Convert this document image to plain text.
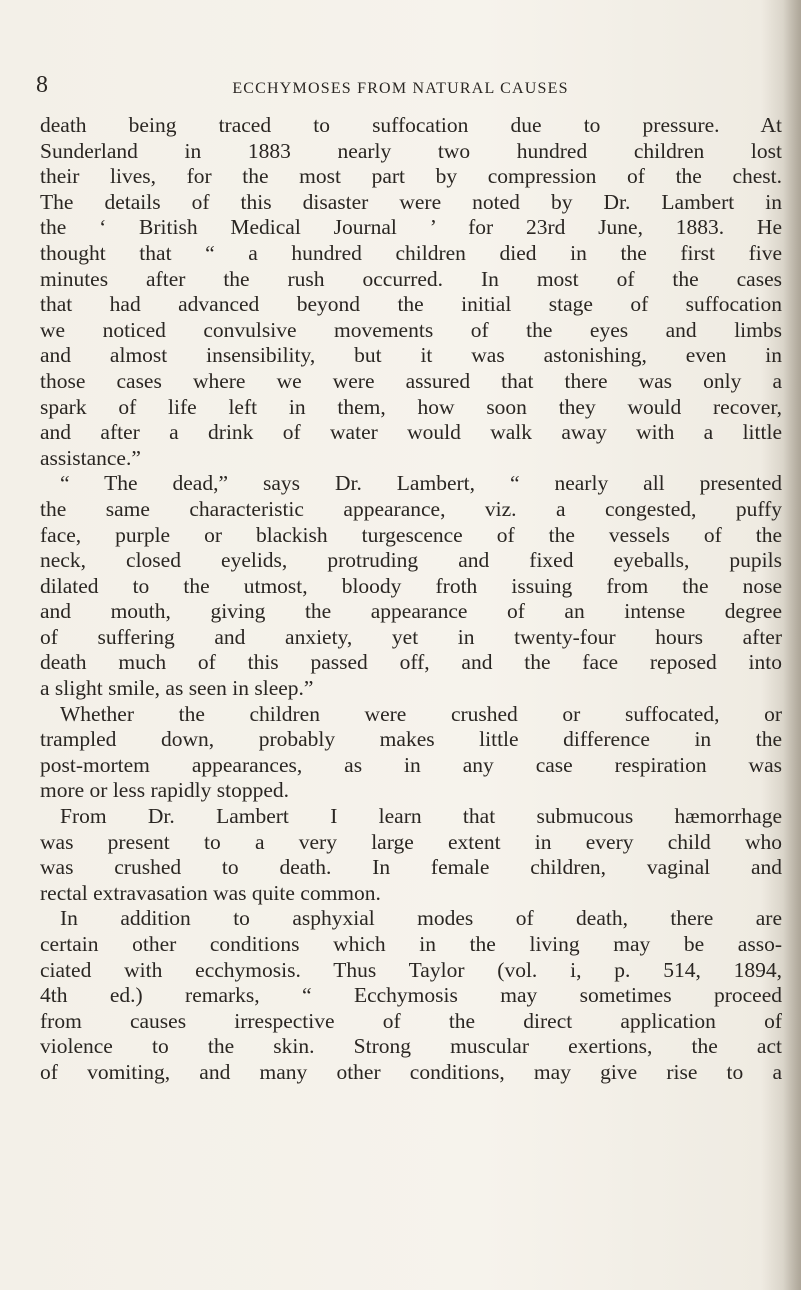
8	ECCHYMOSES FROM NATURAL CAUSES
death being traced to suffocation due to pressure. At
Sunderland in 1883 nearly two hundred children lost
their lives, for the most part by compression of the chest.
The details of this disaster were noted by Dr. Lambert in
the ‘ British Medical Journal ’ for 23rd June, 1883. He
thought that “ a hundred children died in the first five
minutes after the rush occurred. In most of the cases
that had advanced beyond the initial stage of suffocation
we noticed convulsive movements of the eyes and limbs
and almost insensibility, but it was astonishing, even in
those cases where we were assured that there was only a
spark of life left in them, how soon they would recover,
and after a drink of water would walk away with a little
assistance.”
“ The dead,” says Dr. Lambert, “ nearly all presented
the same characteristic appearance, viz. a congested, puffy
face, purple or blackish turgescence of the vessels of the
neck, closed eyelids, protruding and fixed eyeballs, pupils
dilated to the utmost, bloody froth issuing from the nose
and mouth, giving the appearance of an intense degree
of suffering and anxiety, yet in twenty-four hours after
death much of this passed off, and the face reposed into
a slight smile, as seen in sleep.”
Whether the children were crushed or suffocated, or
trampled down, probably makes little difference in the
post-mortem appearances, as in any case respiration was
more or less rapidly stopped.
From Dr. Lambert I learn that submucous hæmorrhage
was present to a very large extent in every child who
was crushed to death. In female children, vaginal and
rectal extravasation was quite common.
In addition to asphyxial modes of death, there are
certain other conditions which in the living may be asso-
ciated with ecchymosis. Thus Taylor (vol. i, p. 514, 1894,
4th ed.) remarks, “ Ecchymosis may sometimes proceed
from causes irrespective of the direct application of
violence to the skin. Strong muscular exertions, the act
of vomiting, and many other conditions, may give rise to a
